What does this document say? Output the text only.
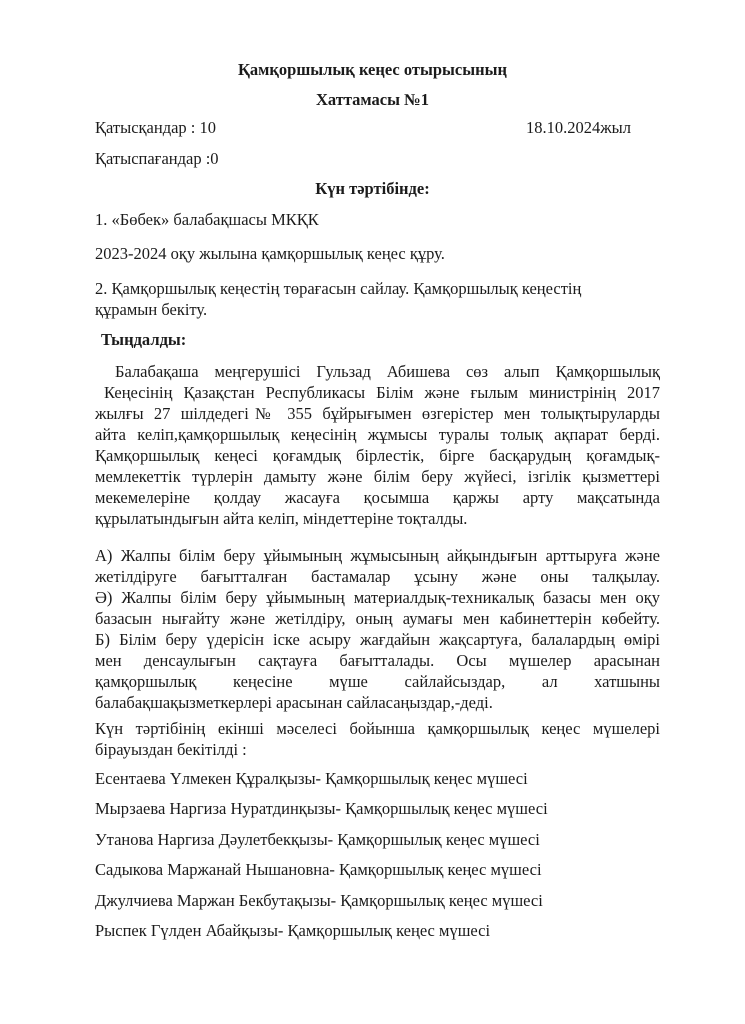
Қамқоршылық кеңес отырысының
Хаттамасы №1
Қатысқандар : 10	18.10.2024жыл
Қатыспағандар :0
Күн тәртібінде:
1. «Бөбек» балабақшасы МКҚК
2023-2024 оқу жылына қамқоршылық кеңес құру.
2. Қамқоршылық кеңестің төрағасын сайлау. Қамқоршылық кеңестің
құрамын бекіту.
Тыңдалды:
Балабақаша меңгерушісі Гульзад Абишева сөз алып Қамқоршылық
Кеңесінің Қазақстан Республикасы Білім және ғылым министрінің 2017
жылғы 27 шілдедегі№ 355 бұйрығымен өзгерістер мен толықтыруларды
айта келіп,қамқоршылық кеңесінің жұмысы туралы толық ақпарат берді.
Қамқоршылық кеңесі қоғамдық бірлестік, бірге басқарудың қоғамдық-
мемлекеттік түрлерін дамыту және білім беру жүйесі, ізгілік қызметтері
мекемелеріне қолдау жасауға қосымша қаржы арту мақсатында
құрылатындығын айта келіп, міндеттеріне тоқталды.
А) Жалпы білім беру ұйымының жұмысының айқындығын арттыруға және
жетілдіруге бағытталған бастамалар ұсыну және оны талқылау.
Ә) Жалпы білім беру ұйымының материалдық-техникалық базасы мен оқу
базасын нығайту және жетілдіру, оның аумағы мен кабинеттерін көбейту.
Б) Білім беру үдерісін іске асыру жағдайын жақсартуға, балалардың өмірі
мен денсаулығын сақтауға бағытталады. Осы мүшелер арасынан
қамқоршылық кеңесіне мүше сайлайсыздар, ал хатшыны
балабақшақызметкерлері арасынан сайласаңыздар,-деді.
Күн тәртібінің екінші мәселесі бойынша қамқоршылық кеңес мүшелері
бірауыздан бекітілді :
Есентаева Үлмекен Құралқызы- Қамқоршылық кеңес мүшесі
Мырзаева Наргиза Нуратдинқызы- Қамқоршылық кеңес мүшесі
Утанова Наргиза Дәулетбекқызы- Қамқоршылық кеңес мүшесі
Садыкова Маржанай Нышановна- Қамқоршылық кеңес мүшесі
Джулчиева Маржан Бекбутақызы- Қамқоршылық кеңес мүшесі
Рыспек Гүлден Абайқызы- Қамқоршылық кеңес мүшесі
